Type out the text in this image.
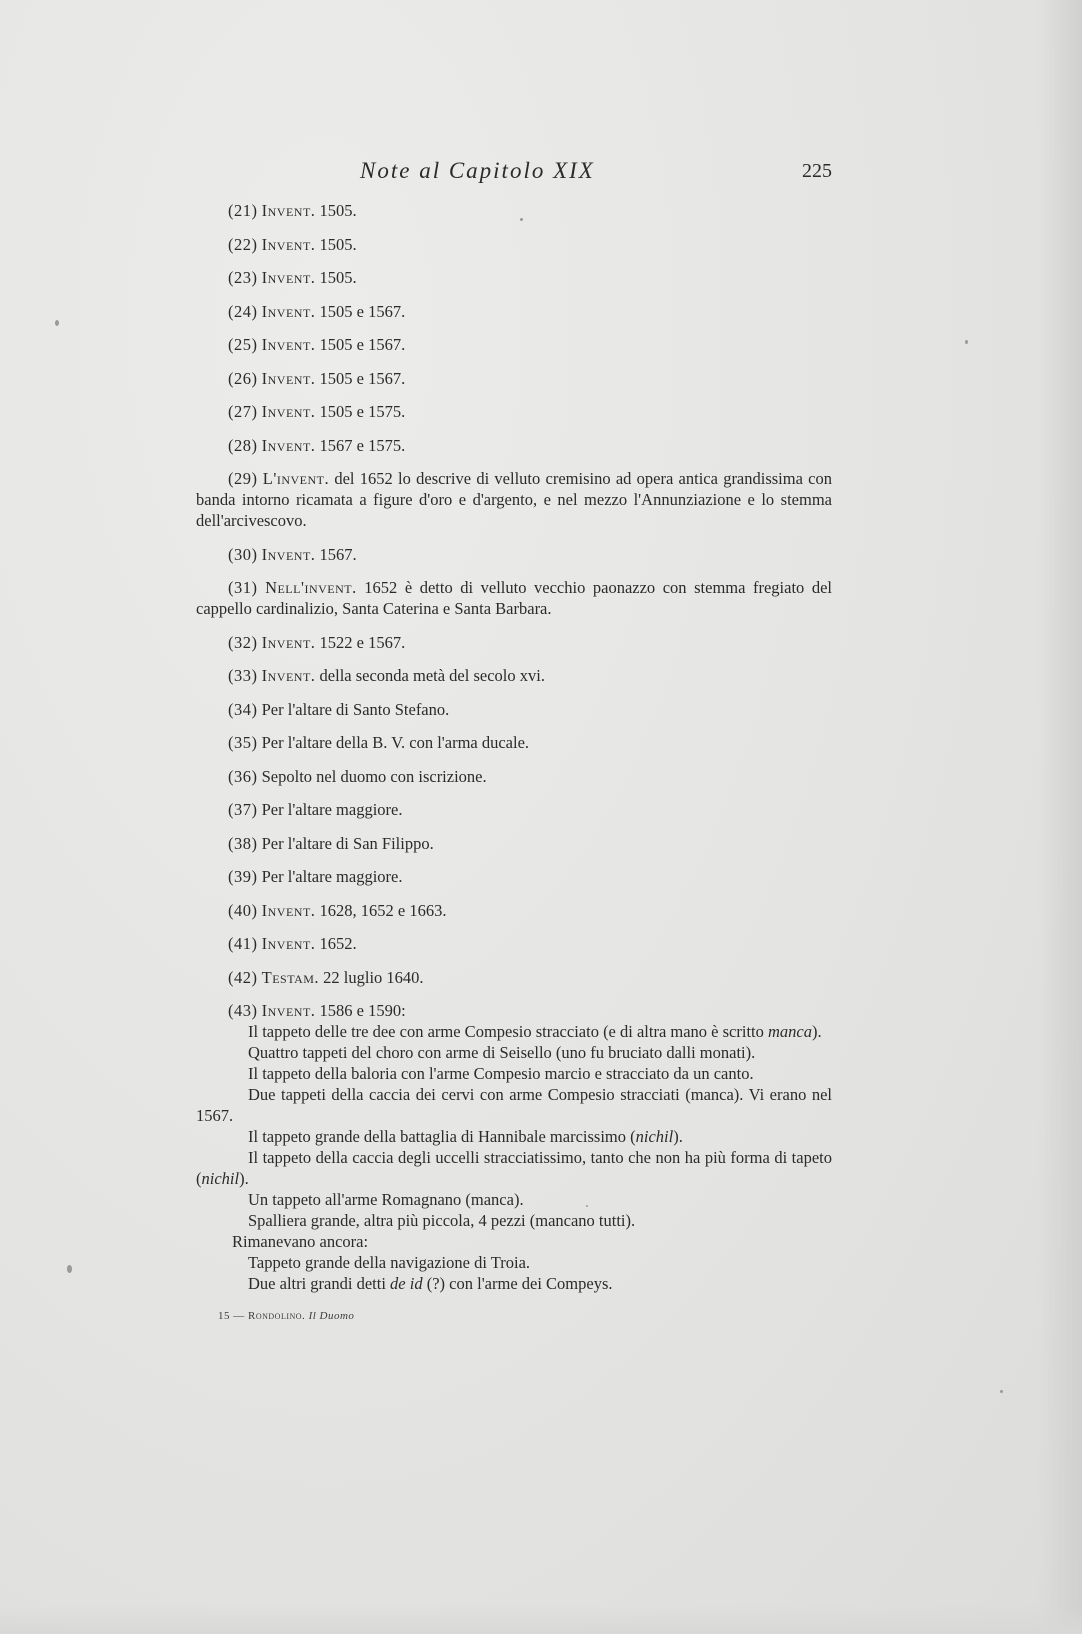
Note al Capitolo XIX	225

(21) Invent. 1505.

(22) Invent. 1505.

(23) Invent. 1505.

(24) Invent. 1505 e 1567.

(25) Invent. 1505 e 1567.

(26) Invent. 1505 e 1567.

(27) Invent. 1505 e 1575.

(28) Invent. 1567 e 1575.

(29) L'invent. del 1652 lo descrive di velluto cremisino ad opera antica grandissima con banda intorno ricamata a figure d'oro e d'argento, e nel mezzo l'Annunziazione e lo stemma dell'arcivescovo.

(30) Invent. 1567.

(31) Nell'invent. 1652 è detto di velluto vecchio paonazzo con stemma fregiato del cappello cardinalizio, Santa Caterina e Santa Barbara.

(32) Invent. 1522 e 1567.

(33) Invent. della seconda metà del secolo xvi.

(34) Per l'altare di Santo Stefano.

(35) Per l'altare della B. V. con l'arma ducale.

(36) Sepolto nel duomo con iscrizione.

(37) Per l'altare maggiore.

(38) Per l'altare di San Filippo.

(39) Per l'altare maggiore.

(40) Invent. 1628, 1652 e 1663.

(41) Invent. 1652.

(42) Testam. 22 luglio 1640.

(43) Invent. 1586 e 1590:

Il tappeto delle tre dee con arme Compesio stracciato (e di altra mano è scritto manca).

Quattro tappeti del choro con arme di Seisello (uno fu bruciato dalli monati).

Il tappeto della baloria con l'arme Compesio marcio e stracciato da un canto.

Due tappeti della caccia dei cervi con arme Compesio stracciati (manca). Vi erano nel 1567.

Il tappeto grande della battaglia di Hannibale marcissimo (nichil).

Il tappeto della caccia degli uccelli stracciatissimo, tanto che non ha più forma di tapeto (nichil).

Un tappeto all'arme Romagnano (manca).

Spalliera grande, altra più piccola, 4 pezzi (mancano tutti).

Rimanevano ancora:

Tappeto grande della navigazione di Troia.

Due altri grandi detti de id (?) con l'arme dei Compeys.

15 — Rondolino. Il Duomo
